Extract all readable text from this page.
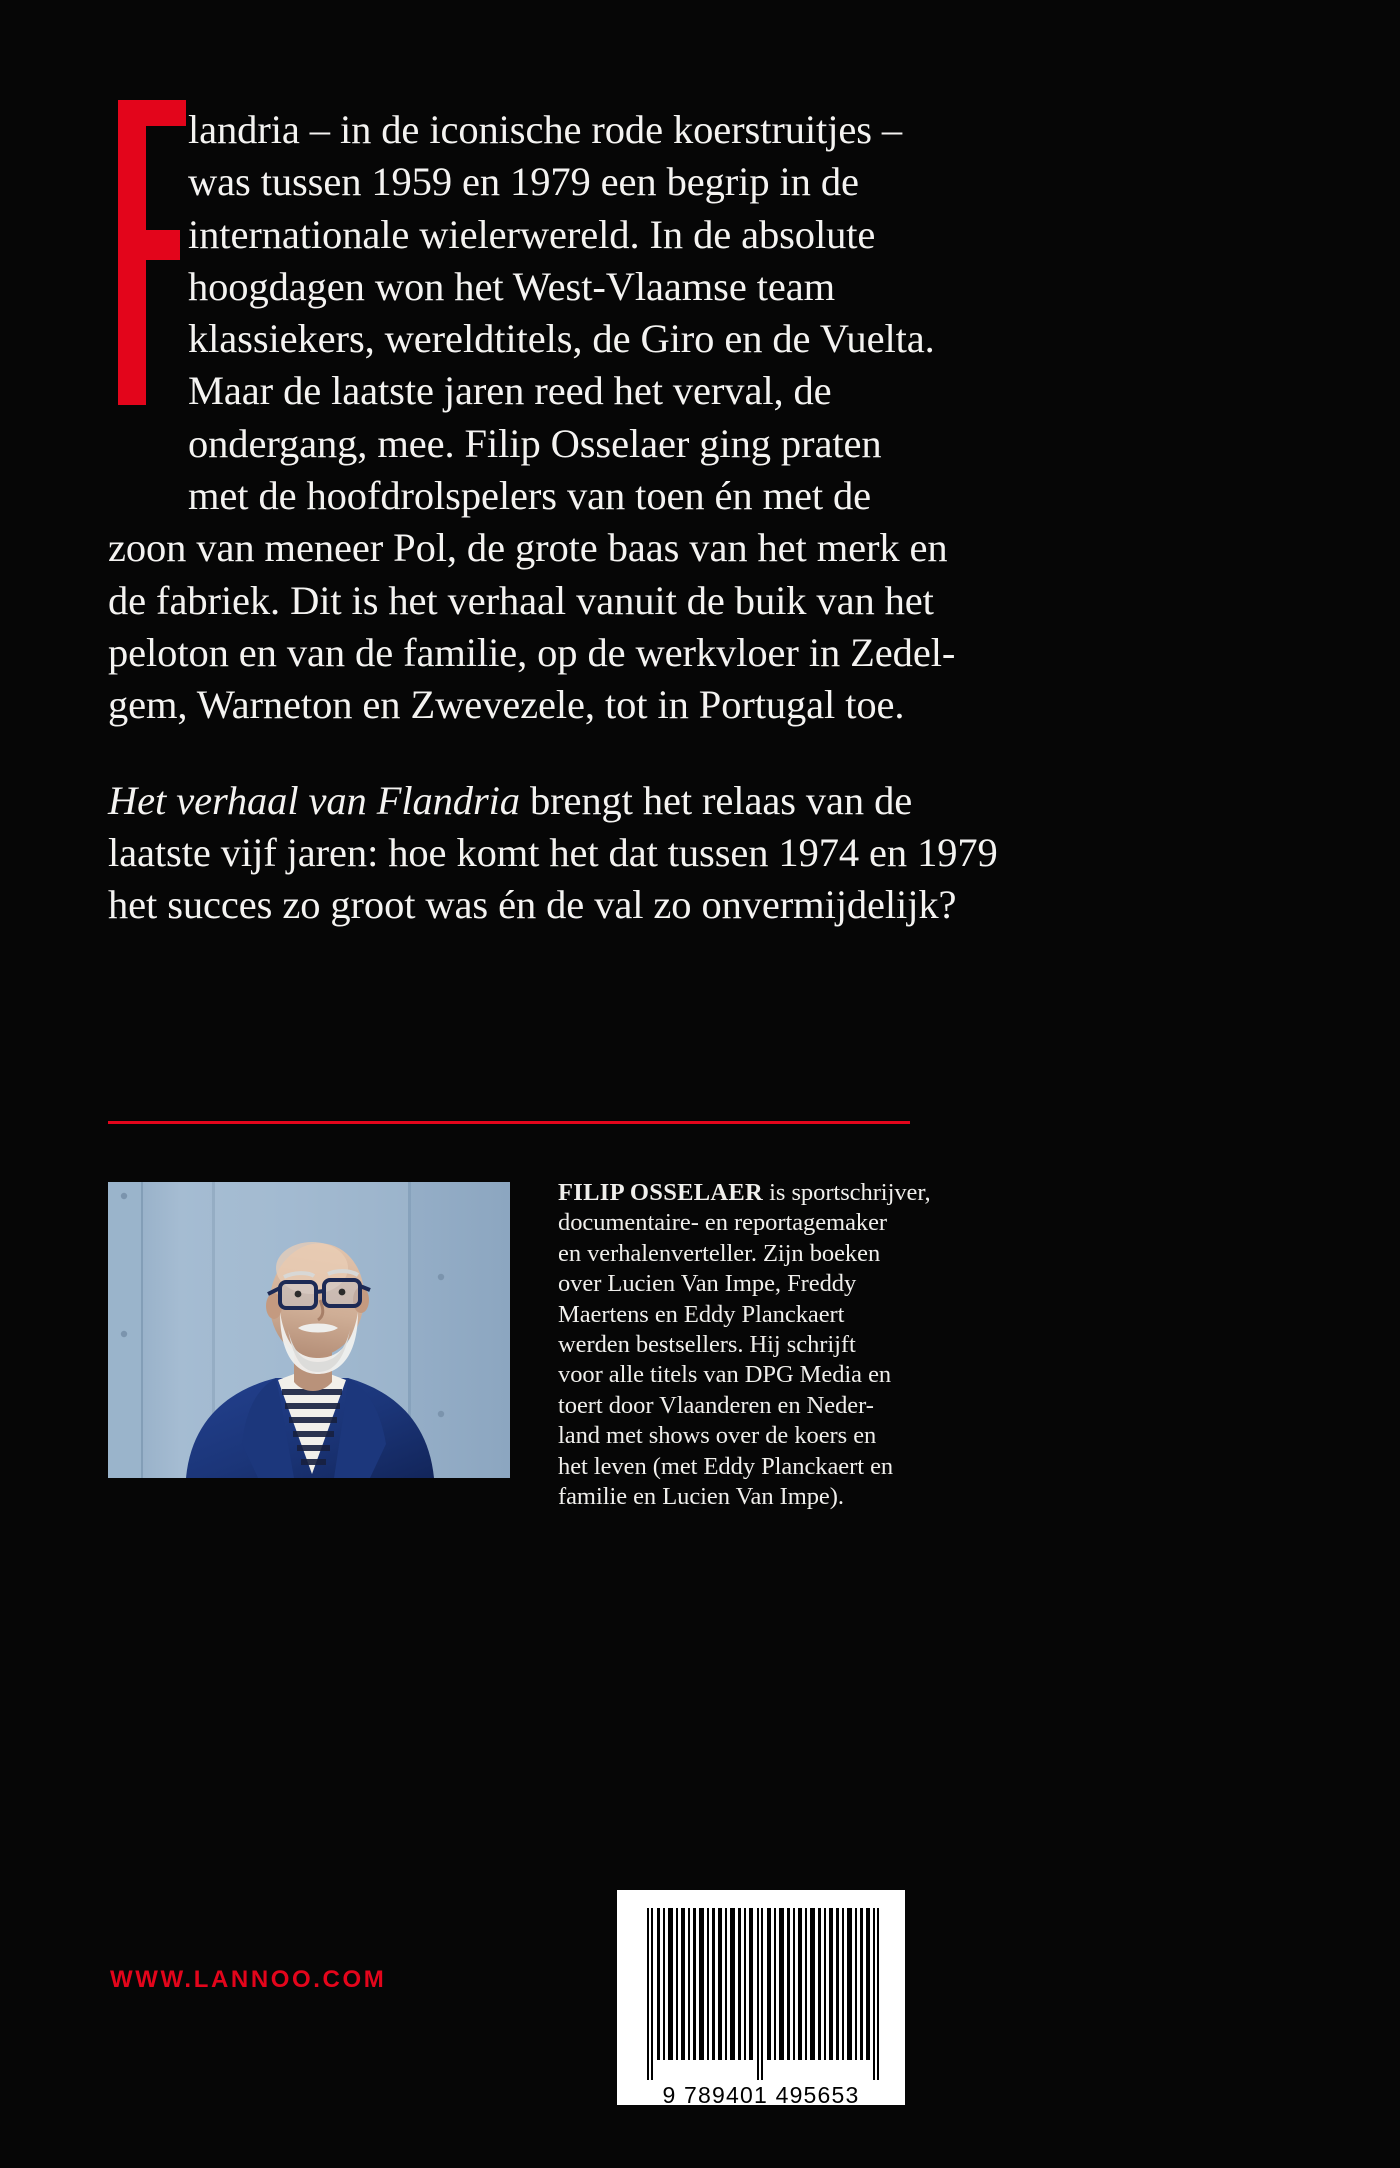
landria – in de iconische rode koerstruitjes –
was tussen 1959 en 1979 een begrip in de
internationale wielerwereld. In de absolute
hoogdagen won het West-Vlaamse team
klassiekers, wereldtitels, de Giro en de Vuelta.
Maar de laatste jaren reed het verval, de
ondergang, mee. Filip Osselaer ging praten
met de hoofdrolspelers van toen én met de
zoon van meneer Pol, de grote baas van het merk en
de fabriek. Dit is het verhaal vanuit de buik van het
peloton en van de familie, op de werkvloer in Zedel-
gem, Warneton en Zwevezele, tot in Portugal toe.

Het verhaal van Flandria brengt het relaas van de
laatste vijf jaren: hoe komt het dat tussen 1974 en 1979
het succes zo groot was én de val zo onvermijdelijk?

FILIP OSSELAER is sportschrijver,
documentaire- en reportagemaker
en verhalenverteller. Zijn boeken
over Lucien Van Impe, Freddy
Maertens en Eddy Planckaert
werden bestsellers. Hij schrijft
voor alle titels van DPG Media en
toert door Vlaanderen en Neder-
land met shows over de koers en
het leven (met Eddy Planckaert en
familie en Lucien Van Impe).
WWW.LANNOO.COM
9 789401 495653
